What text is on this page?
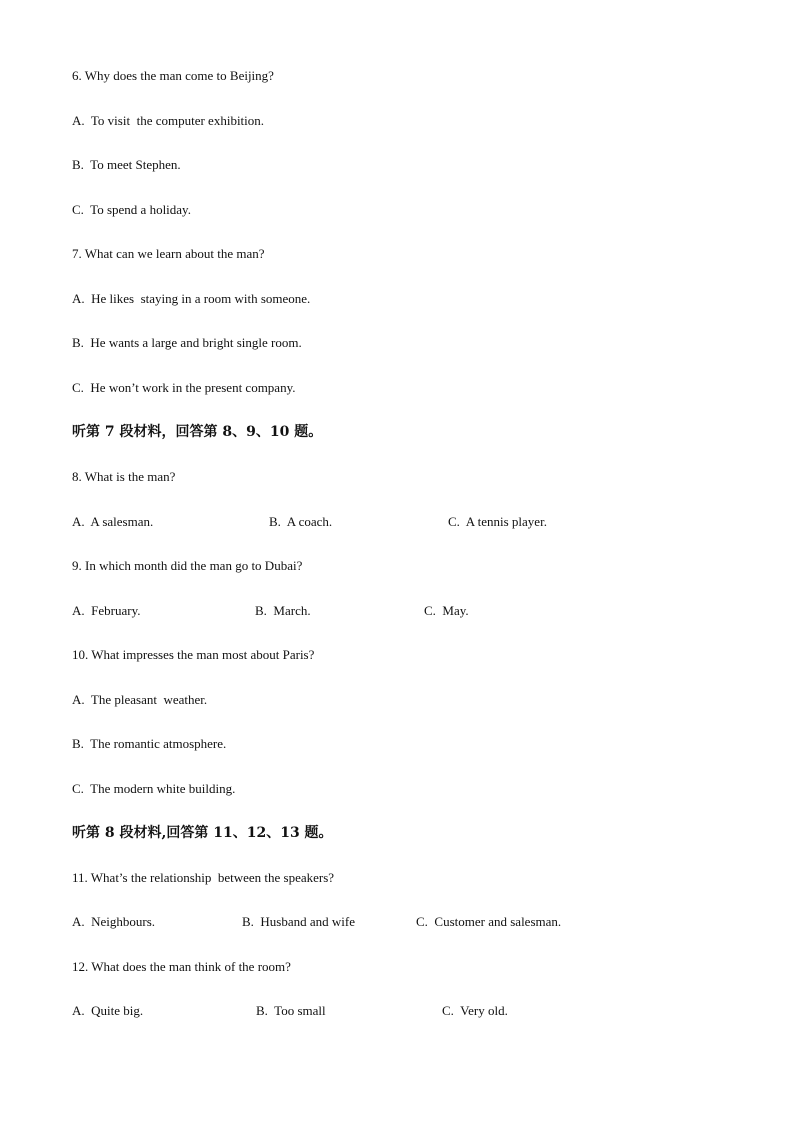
6. Why does the man come to Beijing?

A.  To visit  the computer exhibition.

B.  To meet Stephen.

C.  To spend a holiday.

7. What can we learn about the man?

A.  He likes  staying in a room with someone.

B.  He wants a large and bright single room.

C.  He won’t work in the present company.

听第 7 段材料，回答第 8、9、10 题。

8. What is the man?

A.  A salesman.	B.  A coach.	C.  A tennis player.

9. In which month did the man go to Dubai?

A.  February.	B.  March.	C.  May.

10. What impresses the man most about Paris?

A.  The pleasant  weather.

B.  The romantic atmosphere.

C.  The modern white building.

听第 8 段材料,回答第 11、12、13 题。

11. What’s the relationship  between the speakers?

A.  Neighbours.	B.  Husband and wife	C.  Customer and salesman.

12. What does the man think of the room?

A.  Quite big.	B.  Too small	C.  Very old.
